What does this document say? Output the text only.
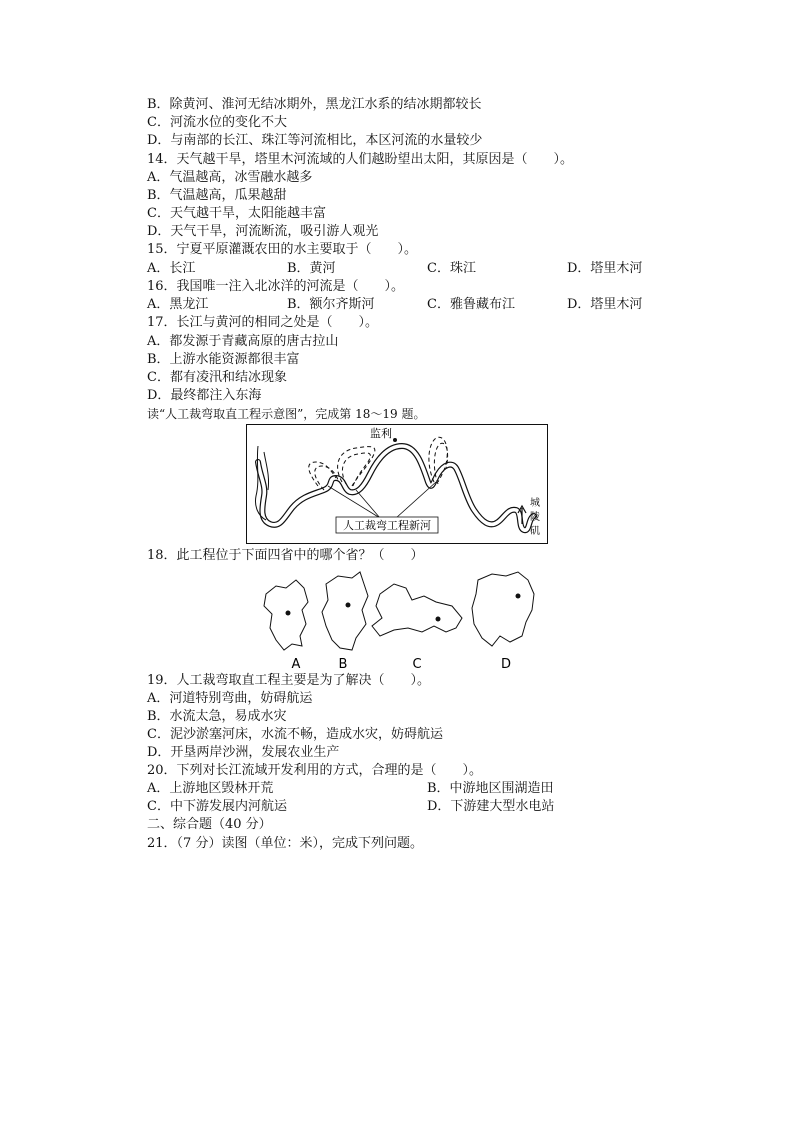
B．除黄河、淮河无结冰期外，黑龙江水系的结冰期都较长
C．河流水位的变化不大
D．与南部的长江、珠江等河流相比，本区河流的水量较少
14．天气越干旱，塔里木河流域的人们越盼望出太阳，其原因是（　　）。
A．气温越高，冰雪融水越多
B．气温越高，瓜果越甜
C．天气越干旱，太阳能越丰富
D．天气干旱，河流断流，吸引游人观光
15．宁夏平原灌溉农田的水主要取于（　　）。
A．长江	B．黄河	C．珠江	D．塔里木河
16．我国唯一注入北冰洋的河流是（　　）。
A．黑龙江	B．额尔齐斯河	C．雅鲁藏布江	D．塔里木河
17．长江与黄河的相同之处是（　　）。
A．都发源于青藏高原的唐古拉山
B．上游水能资源都很丰富
C．都有凌汛和结冰现象
D．最终都注入东海
读“人工裁弯取直工程示意图”，完成第 18～19 题。
人工裁弯工程新河
监利
城
陵
矶
18．此工程位于下面四省中的哪个省？（　　）
A	B	C	D
19．人工裁弯取直工程主要是为了解决（　　）。
A．河道特别弯曲，妨碍航运
B．水流太急，易成水灾
C．泥沙淤塞河床，水流不畅，造成水灾，妨碍航运
D．开垦两岸沙洲，发展农业生产
20．下列对长江流域开发利用的方式，合理的是（　　）。
A．上游地区毁林开荒	B．中游地区围湖造田
C．中下游发展内河航运	D．下游建大型水电站
二、综合题（40 分）
21．（7 分）读图（单位：米），完成下列问题。
